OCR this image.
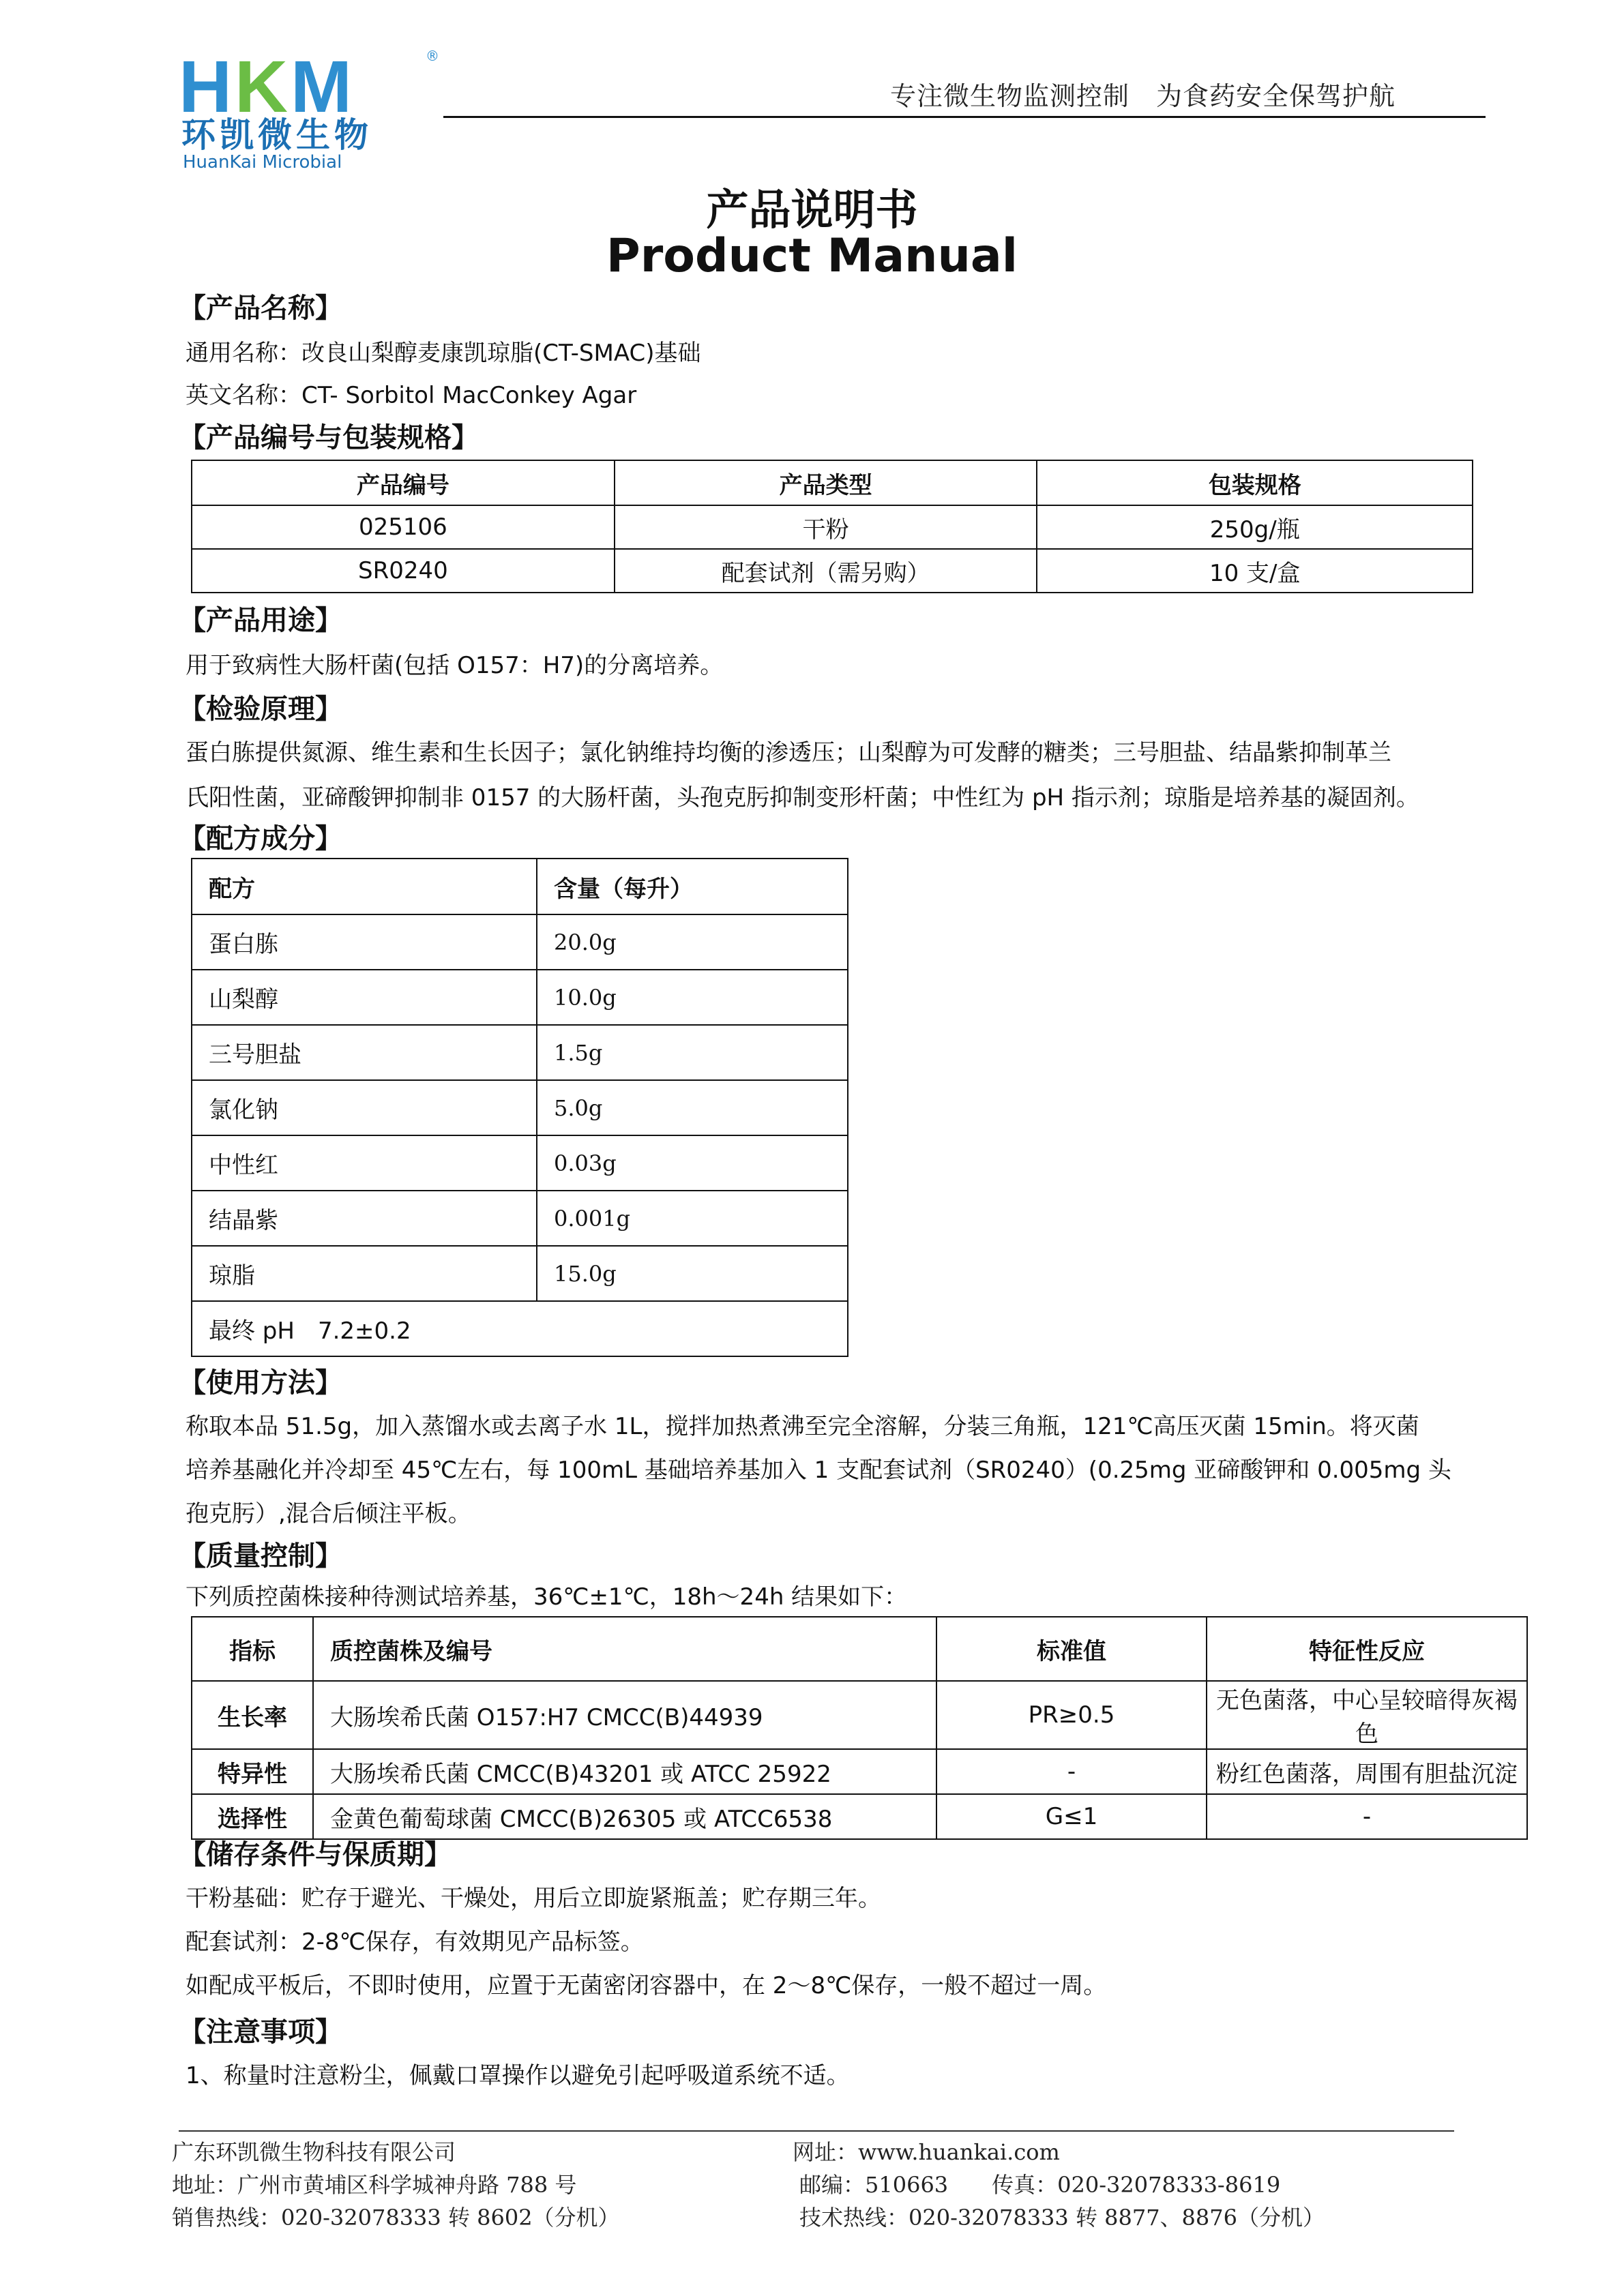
HKM	®
环凯微生物
HuanKai Microbial
专注微生物监测控制　为食药安全保驾护航
产品说明书
Product Manual
【产品名称】
通用名称：改良山梨醇麦康凯琼脂(CT-SMAC)基础
英文名称：CT- Sorbitol MacConkey Agar
【产品编号与包装规格】
产品编号	产品类型	包装规格
025106	干粉	250g/瓶
SR0240	配套试剂（需另购）	10 支/盒
【产品用途】
用于致病性大肠杆菌(包括 O157：H7)的分离培养。
【检验原理】
蛋白胨提供氮源、维生素和生长因子；氯化钠维持均衡的渗透压；山梨醇为可发酵的糖类；三号胆盐、结晶紫抑制革兰
氏阳性菌，亚碲酸钾抑制非 0157 的大肠杆菌，头孢克肟抑制变形杆菌；中性红为 pH 指示剂；琼脂是培养基的凝固剂。
【配方成分】
配方	含量（每升）
蛋白胨	20.0g
山梨醇	10.0g
三号胆盐	1.5g
氯化钠	5.0g
中性红	0.03g
结晶紫	0.001g
琼脂	15.0g
最终 pH　7.2±0.2	
【使用方法】
称取本品 51.5g，加入蒸馏水或去离子水 1L，搅拌加热煮沸至完全溶解，分装三角瓶，121℃高压灭菌 15min。将灭菌
培养基融化并冷却至 45℃左右，每 100mL 基础培养基加入 1 支配套试剂（SR0240）(0.25mg 亚碲酸钾和 0.005mg 头
孢克肟）,混合后倾注平板。
【质量控制】
下列质控菌株接种待测试培养基，36℃±1℃，18h～24h 结果如下：
指标	质控菌株及编号	标准值	特征性反应
生长率	大肠埃希氏菌 O157:H7 CMCC(B)44939	PR≥0.5	无色菌落，中心呈较暗得灰褐色
特异性	大肠埃希氏菌 CMCC(B)43201 或 ATCC 25922	-	粉红色菌落，周围有胆盐沉淀
选择性	金黄色葡萄球菌 CMCC(B)26305 或 ATCC6538	G≤1	-
【储存条件与保质期】
干粉基础：贮存于避光、干燥处，用后立即旋紧瓶盖；贮存期三年。
配套试剂：2-8℃保存，有效期见产品标签。
如配成平板后，不即时使用，应置于无菌密闭容器中，在 2～8℃保存，一般不超过一周。
【注意事项】
1、称量时注意粉尘，佩戴口罩操作以避免引起呼吸道系统不适。
广东环凯微生物科技有限公司	网址：www.huankai.com
地址：广州市黄埔区科学城神舟路 788 号	邮编：510663　　传真：020-32078333-8619
销售热线：020-32078333 转 8602（分机）	技术热线：020-32078333 转 8877、8876（分机）
